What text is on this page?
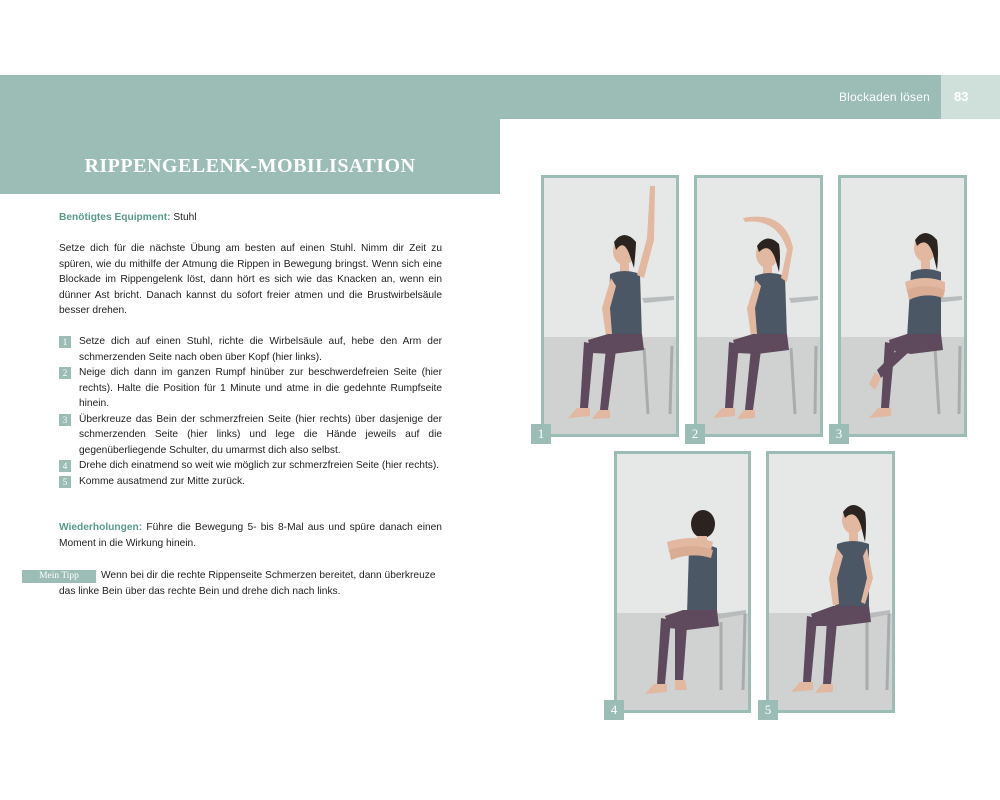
Blockaden lösen	83
RIPPENGELENK-MOBILISATION

Benötigtes Equipment: Stuhl

Setze dich für die nächste Übung am besten auf einen Stuhl. Nimm dir Zeit zu spüren, wie du mithilfe der Atmung die Rippen in Bewegung bringst. Wenn sich eine Blockade im Rippengelenk löst, dann hört es sich wie das Knacken an, wenn ein dünner Ast bricht. Danach kannst du sofort freier atmen und die Brustwirbelsäule besser drehen.

1	Setze dich auf einen Stuhl, richte die Wirbelsäule auf, hebe den Arm der schmerzenden Seite nach oben über Kopf (hier links).
2	Neige dich dann im ganzen Rumpf hinüber zur beschwerdefreien Seite (hier rechts). Halte die Position für 1 Minute und atme in die gedehnte Rumpfseite hinein.
3	Überkreuze das Bein der schmerzfreien Seite (hier rechts) über dasjenige der schmerzenden Seite (hier links) und lege die Hände jeweils auf die gegenüberliegende Schulter, du umarmst dich also selbst.
4	Drehe dich einatmend so weit wie möglich zur schmerzfreien Seite (hier rechts).
5	Komme ausatmend zur Mitte zurück.

Wiederholungen: Führe die Bewegung 5- bis 8-Mal aus und spüre danach einen Moment in die Wirkung hinein.

Mein Tipp	Wenn bei dir die rechte Rippenseite Schmerzen bereitet, dann überkreuze
das linke Bein über das rechte Bein und drehe dich nach links.
1	2	3
4	5
